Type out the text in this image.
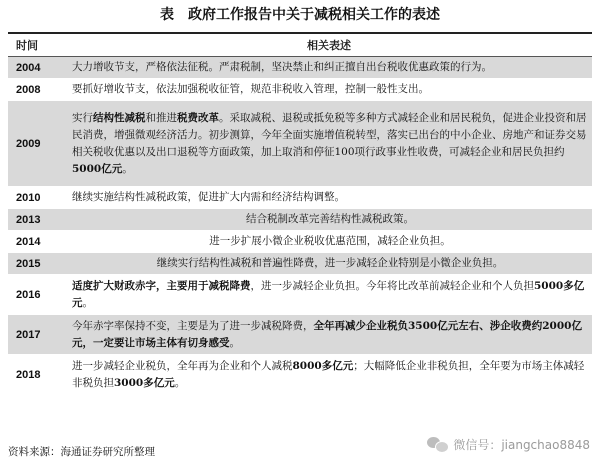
表　政府工作报告中关于减税相关工作的表述
时间	相关表述
2004	大力增收节支，严格依法征税。严肃税制，坚决禁止和纠正擅自出台税收优惠政策的行为。
2008	要抓好增收节支，依法加强税收征管，规范非税收入管理，控制一般性支出。
2009	实行结构性减税和推进税费改革。采取减税、退税或抵免税等多种方式减轻企业和居民税负，促进企业投资和居民消费，增强微观经济活力。初步测算，今年全面实施增值税转型，落实已出台的中小企业、房地产和证券交易相关税收优惠以及出口退税等方面政策，加上取消和停征100项行政事业性收费，可减轻企业和居民负担约5000亿元。
2010	继续实施结构性减税政策，促进扩大内需和经济结构调整。
2013	结合税制改革完善结构性减税政策。
2014	进一步扩展小微企业税收优惠范围，减轻企业负担。
2015	继续实行结构性减税和普遍性降费，进一步减轻企业特别是小微企业负担。
2016	适度扩大财政赤字，主要用于减税降费，进一步减轻企业负担。今年将比改革前减轻企业和个人负担5000多亿元。
2017	今年赤字率保持不变，主要是为了进一步减税降费，全年再减少企业税负3500亿元左右、涉企收费约2000亿元，一定要让市场主体有切身感受。
2018	进一步减轻企业税负，全年再为企业和个人减税8000多亿元；大幅降低企业非税负担，全年要为市场主体减轻非税负担3000多亿元。
资料来源：海通证券研究所整理
微信号：jiangchao8848
